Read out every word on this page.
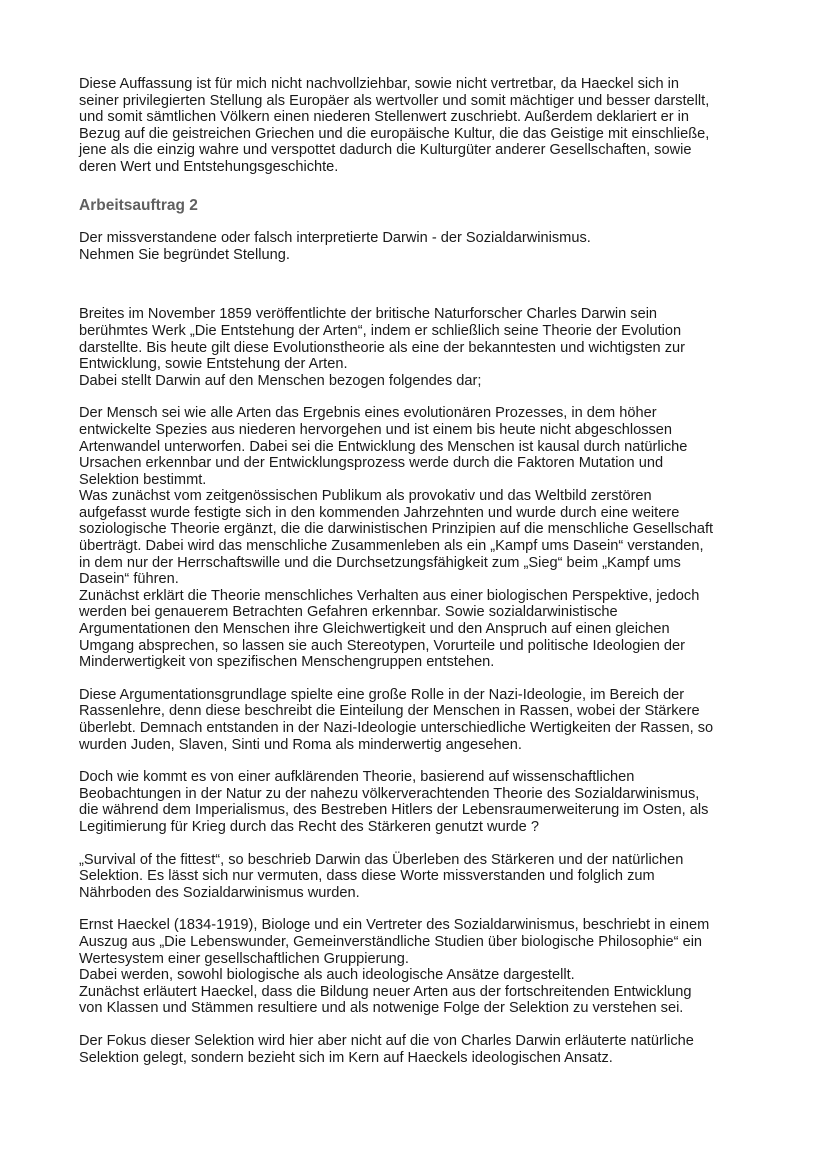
Diese Auffassung ist für mich nicht nachvollziehbar, sowie nicht vertretbar, da Haeckel sich in
seiner privilegierten Stellung als Europäer als wertvoller und somit mächtiger und besser darstellt,
und somit sämtlichen Völkern einen niederen Stellenwert zuschriebt. Außerdem deklariert er in
Bezug auf die geistreichen Griechen und die europäische Kultur, die das Geistige mit einschließe,
jene als die einzig wahre und verspottet dadurch die Kulturgüter anderer Gesellschaften, sowie
deren Wert und Entstehungsgeschichte.

Arbeitsauftrag 2

Der missverstandene oder falsch interpretierte Darwin - der Sozialdarwinismus.
Nehmen Sie begründet Stellung.

Breites im November 1859 veröffentlichte der britische Naturforscher Charles Darwin sein
berühmtes Werk „Die Entstehung der Arten“, indem er schließlich seine Theorie der Evolution
darstellte. Bis heute gilt diese Evolutionstheorie als eine der bekanntesten und wichtigsten zur
Entwicklung, sowie Entstehung der Arten.
Dabei stellt Darwin auf den Menschen bezogen folgendes dar;

Der Mensch sei wie alle Arten das Ergebnis eines evolutionären Prozesses, in dem höher
entwickelte Spezies aus niederen hervorgehen und ist einem bis heute nicht abgeschlossen
Artenwandel unterworfen. Dabei sei die Entwicklung des Menschen ist kausal durch natürliche
Ursachen erkennbar und der Entwicklungsprozess werde durch die Faktoren Mutation und
Selektion bestimmt.
Was zunächst vom zeitgenössischen Publikum als provokativ und das Weltbild zerstören
aufgefasst wurde festigte sich in den kommenden Jahrzehnten und wurde durch eine weitere
soziologische Theorie ergänzt, die die darwinistischen Prinzipien auf die menschliche Gesellschaft
überträgt. Dabei wird das menschliche Zusammenleben als ein „Kampf ums Dasein“ verstanden,
in dem nur der Herrschaftswille und die Durchsetzungsfähigkeit zum „Sieg“ beim „Kampf ums
Dasein“ führen.
Zunächst erklärt die Theorie menschliches Verhalten aus einer biologischen Perspektive, jedoch
werden bei genauerem Betrachten Gefahren erkennbar. Sowie sozialdarwinistische
Argumentationen den Menschen ihre Gleichwertigkeit und den Anspruch auf einen gleichen
Umgang absprechen, so lassen sie auch Stereotypen, Vorurteile und politische Ideologien der
Minderwertigkeit von spezifischen Menschengruppen entstehen.

Diese Argumentationsgrundlage spielte eine große Rolle in der Nazi-Ideologie, im Bereich der
Rassenlehre, denn diese beschreibt die Einteilung der Menschen in Rassen, wobei der Stärkere
überlebt. Demnach entstanden in der Nazi-Ideologie unterschiedliche Wertigkeiten der Rassen, so
wurden Juden, Slaven, Sinti und Roma als minderwertig angesehen.

Doch wie kommt es von einer aufklärenden Theorie, basierend auf wissenschaftlichen
Beobachtungen in der Natur zu der nahezu völkerverachtenden Theorie des Sozialdarwinismus,
die während dem Imperialismus, des Bestreben Hitlers der Lebensraumerweiterung im Osten, als
Legitimierung für Krieg durch das Recht des Stärkeren genutzt wurde ?

„Survival of the fittest“, so beschrieb Darwin das Überleben des Stärkeren und der natürlichen
Selektion. Es lässt sich nur vermuten, dass diese Worte missverstanden und folglich zum
Nährboden des Sozialdarwinismus wurden.

Ernst Haeckel (1834-1919), Biologe und ein Vertreter des Sozialdarwinismus, beschriebt in einem
Auszug aus „Die Lebenswunder, Gemeinverständliche Studien über biologische Philosophie“ ein
Wertesystem einer gesellschaftlichen Gruppierung.
Dabei werden, sowohl biologische als auch ideologische Ansätze dargestellt.
Zunächst erläutert Haeckel, dass die Bildung neuer Arten aus der fortschreitenden Entwicklung
von Klassen und Stämmen resultiere und als notwenige Folge der Selektion zu verstehen sei.

Der Fokus dieser Selektion wird hier aber nicht auf die von Charles Darwin erläuterte natürliche
Selektion gelegt, sondern bezieht sich im Kern auf Haeckels ideologischen Ansatz.
